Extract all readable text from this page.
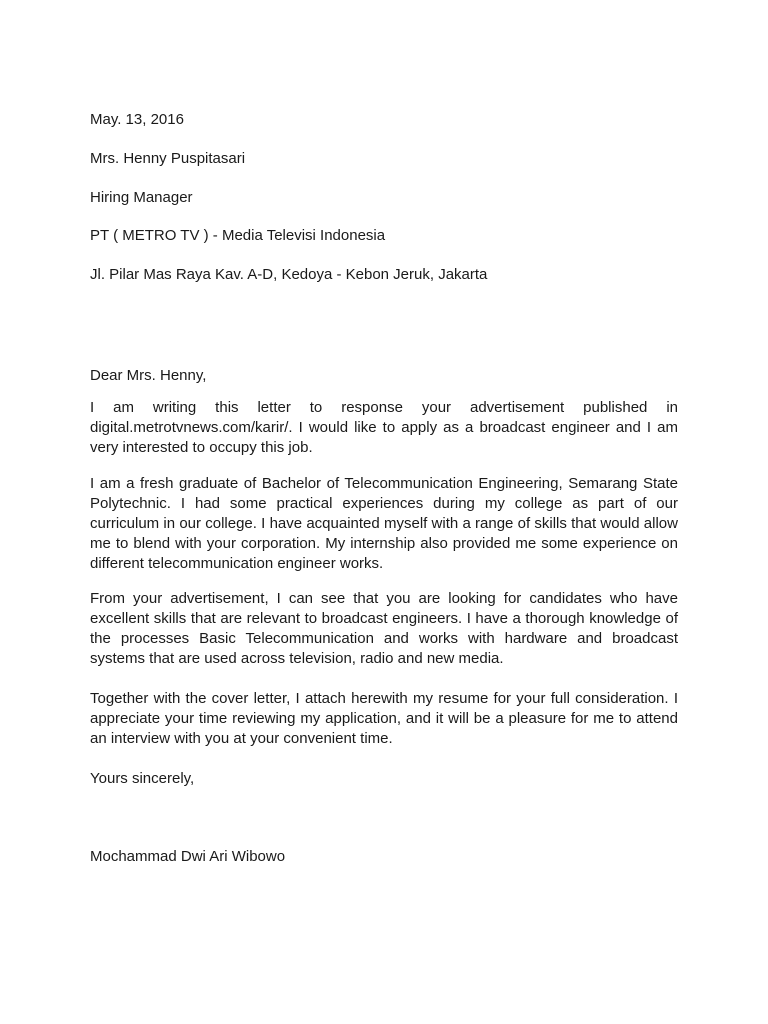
May. 13, 2016
Mrs. Henny Puspitasari
Hiring Manager
PT ( METRO TV ) - Media Televisi Indonesia
Jl. Pilar Mas Raya Kav. A-D, Kedoya - Kebon Jeruk, Jakarta
Dear Mrs. Henny,

I am writing this letter to response your advertisement published in digital.metrotvnews.com/karir/. I would like to apply as a broadcast engineer and I am very interested to occupy this job.

I am a fresh graduate of Bachelor of Telecommunication Engineering, Semarang State Polytechnic. I had some practical experiences during my college as part of our curriculum in our college. I have acquainted myself with a range of skills that would allow me to blend with your corporation. My internship also provided me some experience on different telecommunication engineer works.

From your advertisement, I can see that you are looking for candidates who have excellent skills that are relevant to broadcast engineers. I have a thorough knowledge of the processes Basic Telecommunication and works with hardware and broadcast systems that are used across television, radio and new media.

Together with the cover letter, I attach herewith my resume for your full consideration. I appreciate your time reviewing my application, and it will be a pleasure for me to attend an interview with you at your convenient time.

Yours sincerely,
Mochammad Dwi Ari Wibowo
